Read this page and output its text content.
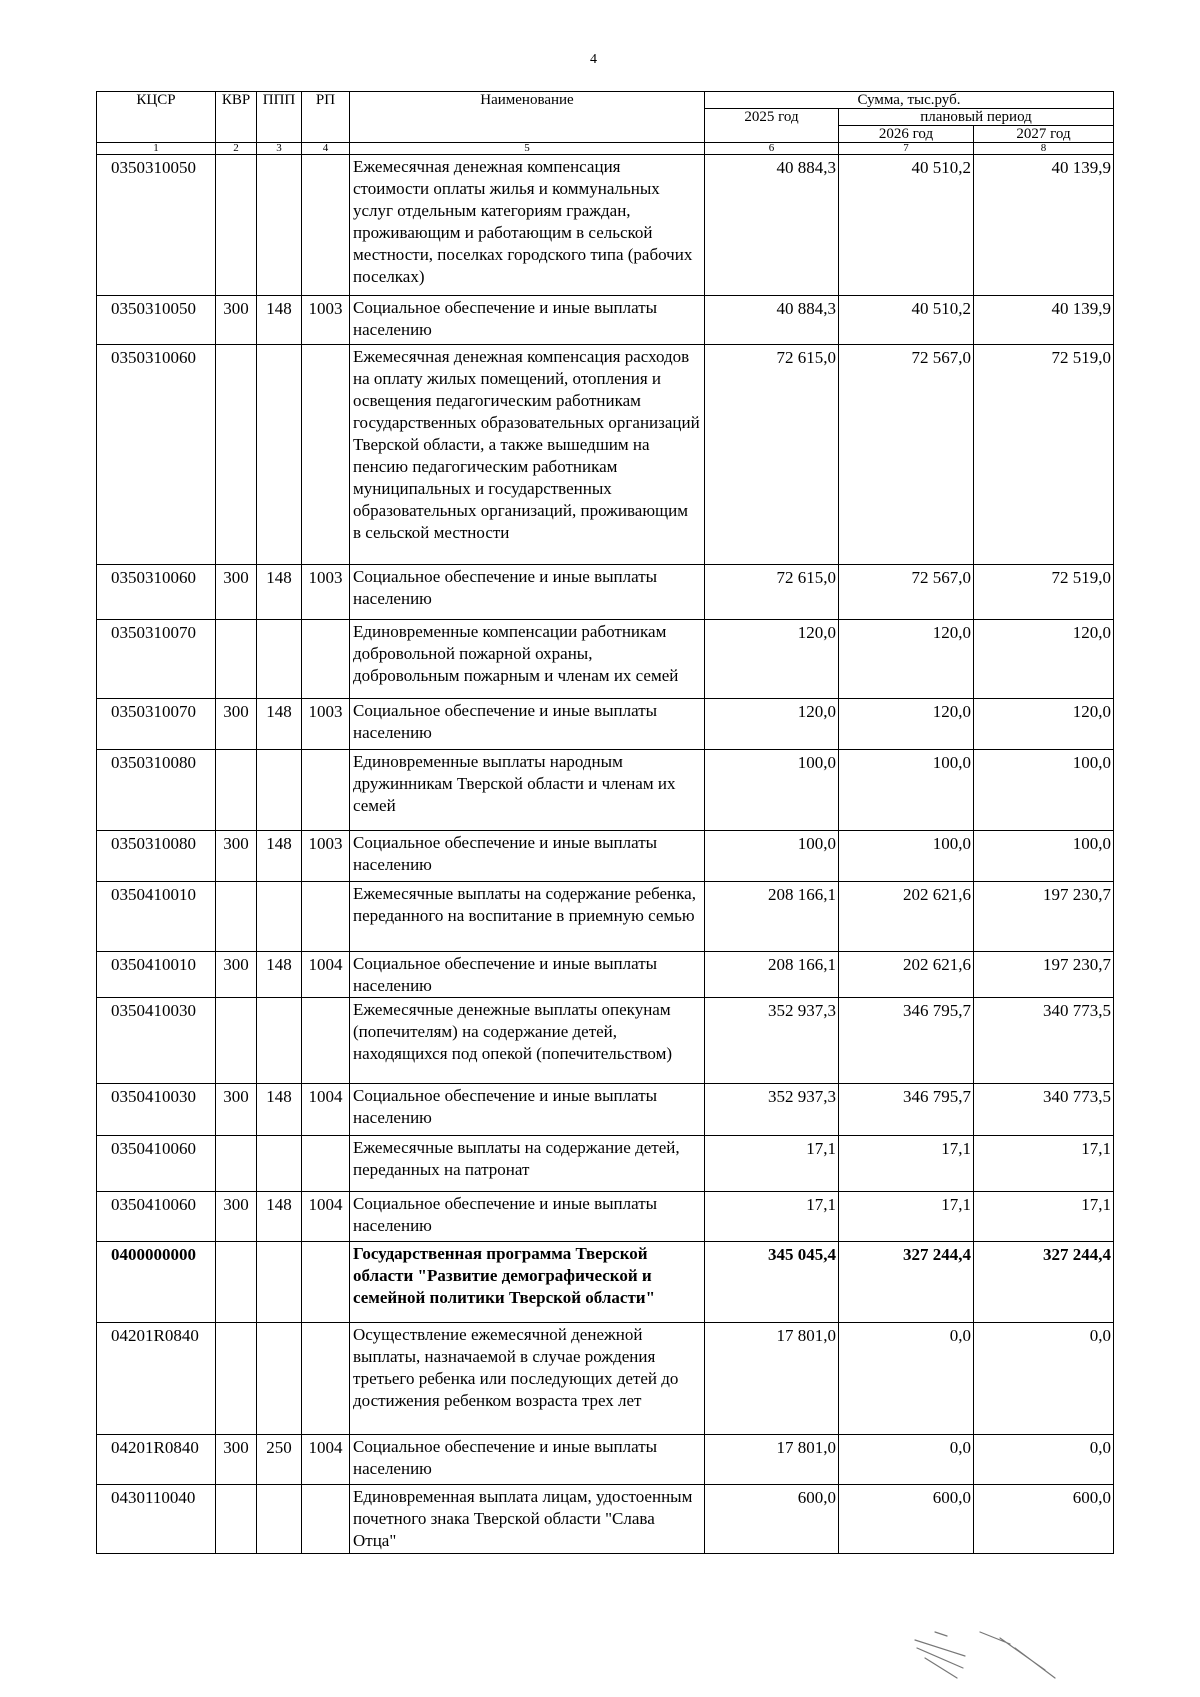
4
КЦСР	КВР	ППП	РП	Наименование	Сумма, тыс.руб.		
					2025 год	плановый период	
						2026 год	2027 год
1	2	3	4	5	6	7	8
0350310050				Ежемесячная денежная компенсация стоимости оплаты жилья и коммунальных услуг отдельным категориям граждан, проживающим и работающим в сельской местности, поселках городского типа (рабочих поселках)	40 884,3	40 510,2	40 139,9
0350310050	300	148	1003	Социальное обеспечение и иные выплаты населению	40 884,3	40 510,2	40 139,9
0350310060				Ежемесячная денежная компенсация расходов на оплату жилых помещений, отопления и освещения педагогическим работникам государственных образовательных организаций Тверской области, а также вышедшим на пенсию педагогическим работникам муниципальных и государственных образовательных организаций, проживающим в сельской местности	72 615,0	72 567,0	72 519,0
0350310060	300	148	1003	Социальное обеспечение и иные выплаты населению	72 615,0	72 567,0	72 519,0
0350310070				Единовременные компенсации работникам добровольной пожарной охраны, добровольным пожарным и членам их семей	120,0	120,0	120,0
0350310070	300	148	1003	Социальное обеспечение и иные выплаты населению	120,0	120,0	120,0
0350310080				Единовременные выплаты народным дружинникам Тверской области и членам их семей	100,0	100,0	100,0
0350310080	300	148	1003	Социальное обеспечение и иные выплаты населению	100,0	100,0	100,0
0350410010				Ежемесячные выплаты на содержание ребенка, переданного на воспитание в приемную семью	208 166,1	202 621,6	197 230,7
0350410010	300	148	1004	Социальное обеспечение и иные выплаты населению	208 166,1	202 621,6	197 230,7
0350410030				Ежемесячные денежные выплаты опекунам (попечителям) на содержание детей, находящихся под опекой (попечительством)	352 937,3	346 795,7	340 773,5
0350410030	300	148	1004	Социальное обеспечение и иные выплаты населению	352 937,3	346 795,7	340 773,5
0350410060				Ежемесячные выплаты на содержание детей, переданных на патронат	17,1	17,1	17,1
0350410060	300	148	1004	Социальное обеспечение и иные выплаты населению	17,1	17,1	17,1
0400000000				Государственная программа Тверской области "Развитие демографической и семейной политики Тверской области"	345 045,4	327 244,4	327 244,4
04201R0840				Осуществление ежемесячной денежной выплаты, назначаемой в случае рождения третьего ребенка или последующих детей до достижения ребенком возраста трех лет	17 801,0	0,0	0,0
04201R0840	300	250	1004	Социальное обеспечение и иные выплаты населению	17 801,0	0,0	0,0
0430110040				Единовременная выплата лицам, удостоенным почетного знака Тверской области "Слава Отца"	600,0	600,0	600,0
